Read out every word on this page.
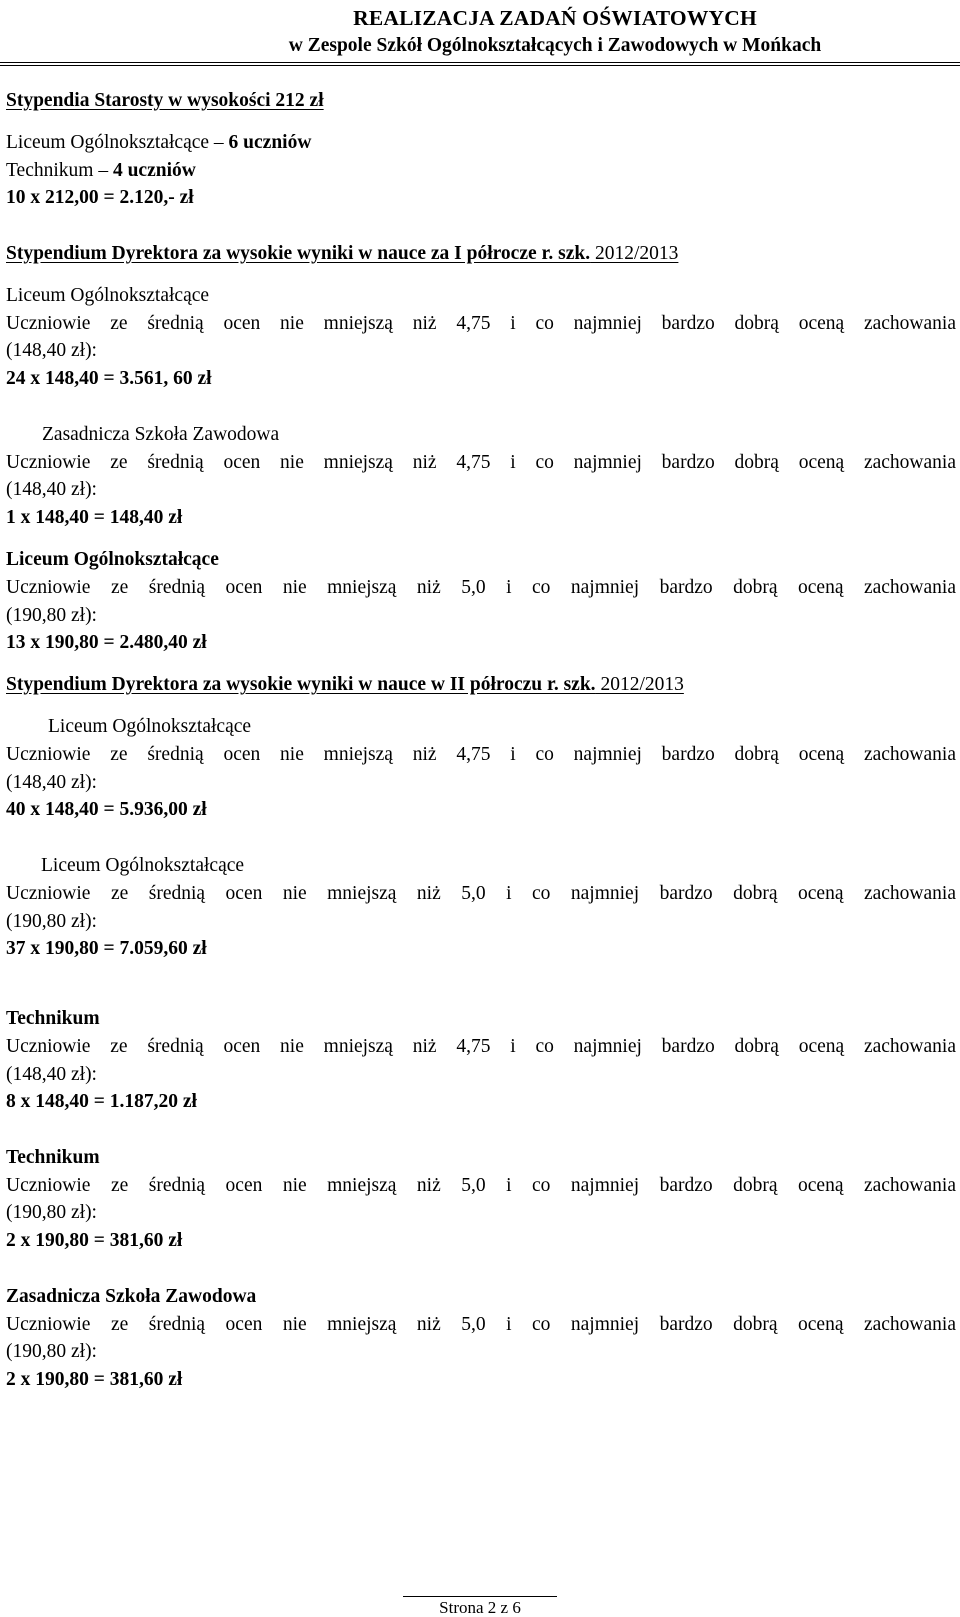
REALIZACJA ZADAŃ OŚWIATOWYCH
w Zespole Szkół Ogólnokształcących i Zawodowych w Mońkach

Stypendia Starosty w wysokości 212 zł

Liceum Ogólnokształcące – 6 uczniów

Technikum – 4 uczniów

10 x 212,00 = 2.120,- zł

Stypendium Dyrektora za wysokie wyniki w nauce za I półrocze r. szk. 2012/2013

Liceum Ogólnokształcące

Uczniowie ze średnią ocen nie mniejszą niż 4,75 i co najmniej bardzo dobrą oceną zachowania

(148,40 zł):

24 x 148,40 = 3.561, 60 zł

Zasadnicza Szkoła Zawodowa

Uczniowie ze średnią ocen nie mniejszą niż 4,75 i co najmniej bardzo dobrą oceną zachowania

(148,40 zł):

1 x 148,40 = 148,40 zł

Liceum Ogólnokształcące

Uczniowie ze średnią ocen nie mniejszą niż 5,0 i co najmniej bardzo dobrą oceną zachowania

(190,80 zł):

13 x 190,80 = 2.480,40 zł

Stypendium Dyrektora za wysokie wyniki w nauce w II półroczu r. szk. 2012/2013

Liceum Ogólnokształcące

Uczniowie ze średnią ocen nie mniejszą niż 4,75 i co najmniej bardzo dobrą oceną zachowania

(148,40 zł):

40 x 148,40 = 5.936,00 zł

Liceum Ogólnokształcące

Uczniowie ze średnią ocen nie mniejszą niż 5,0 i co najmniej bardzo dobrą oceną zachowania

(190,80 zł):

37 x 190,80 = 7.059,60 zł

Technikum

Uczniowie ze średnią ocen nie mniejszą niż 4,75 i co najmniej bardzo dobrą oceną zachowania

(148,40 zł):

8 x 148,40 = 1.187,20 zł

Technikum

Uczniowie ze średnią ocen nie mniejszą niż 5,0 i co najmniej bardzo dobrą oceną zachowania

(190,80 zł):

2 x 190,80 = 381,60 zł

Zasadnicza Szkoła Zawodowa

Uczniowie ze średnią ocen nie mniejszą niż 5,0 i co najmniej bardzo dobrą oceną zachowania

(190,80 zł):

2 x 190,80 = 381,60 zł

Strona 2 z 6
